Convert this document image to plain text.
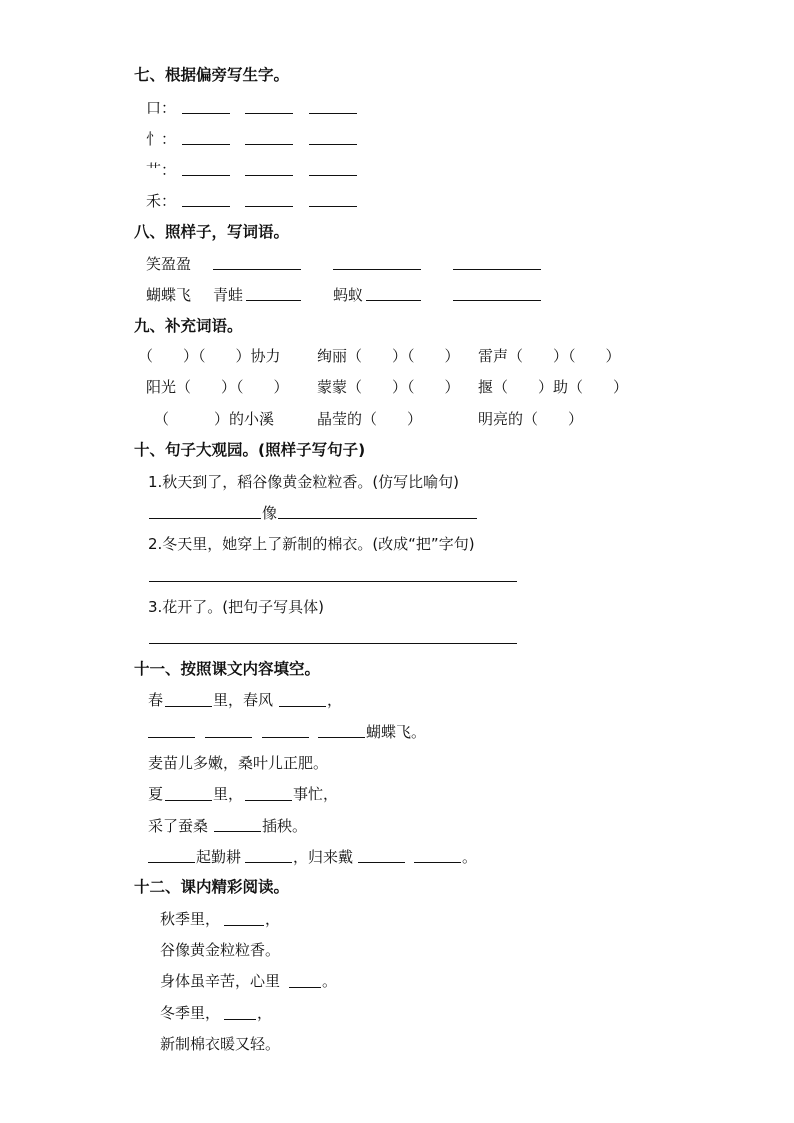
七、根据偏旁写生字。
口：
忄：
艹：
禾：
八、照样子，写词语。
笑盈盈
蝴蝶飞 青蛙	蚂蚁
九、补充词语。
（　　）（　　）协力 绚丽（　　）（　　） 雷声（　　）（　　）
阳光（　　）（　　） 蒙蒙（　　）（　　） 揠（　　）助（　　）
（　　　）的小溪	晶莹的（　　）	明亮的（　　）
十、句子大观园。(照样子写句子)
1.秋天到了，稻谷像黄金粒粒香。(仿写比喻句)
像
2.冬天里，她穿上了新制的棉衣。(改成“把”字句)
3.花开了。(把句子写具体)
十一、按照课文内容填空。
春	里，春风	，
蝴蝶飞。
麦苗儿多嫩，桑叶儿正肥。
夏	里，	事忙，
采了蚕桑	插秧。
起勤耕	，归来戴	。
十二、课内精彩阅读。
秋季里，	，
谷像黄金粒粒香。
身体虽辛苦，心里	。
冬季里， ，
新制棉衣暖又轻。
